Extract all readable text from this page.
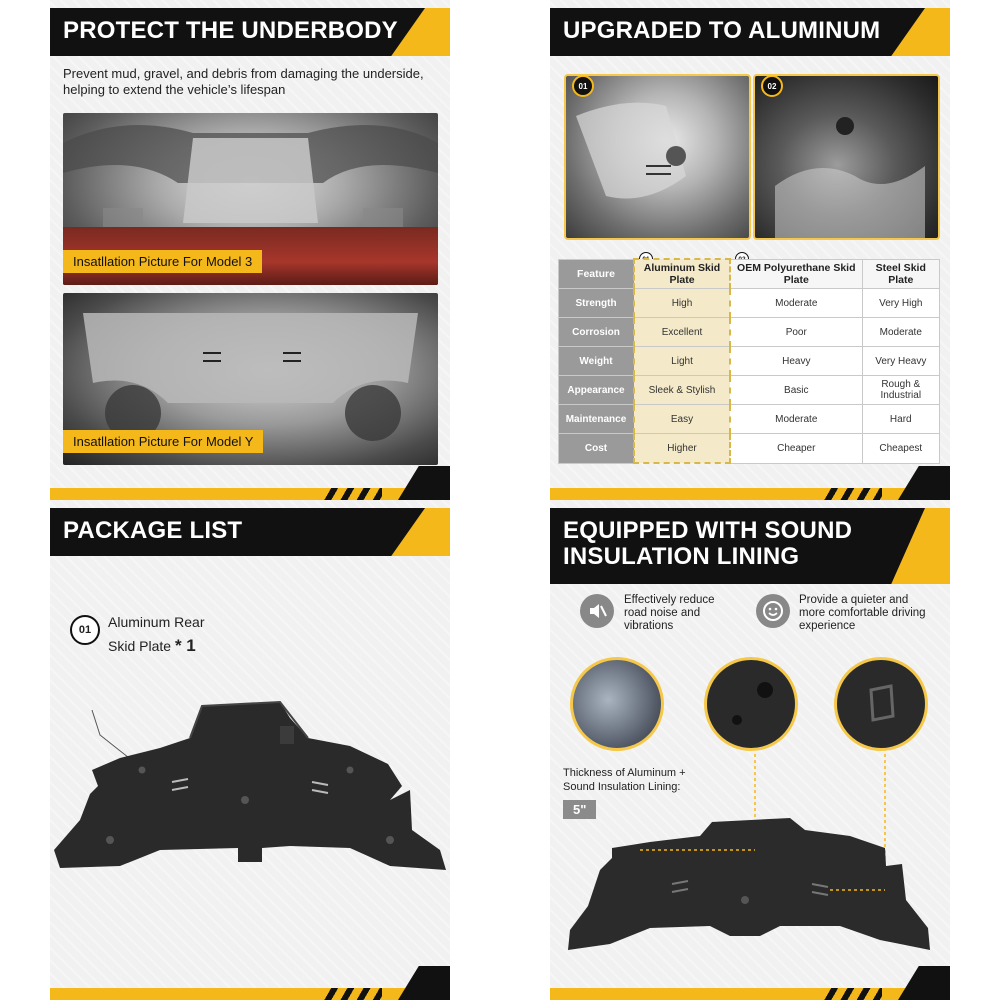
PROTECT THE UNDERBODY
Prevent mud, gravel, and debris from damaging the underside, helping to extend the vehicle’s lifespan
Insatllation Picture For Model 3
Insatllation Picture For Model Y
UPGRADED TO ALUMINUM
01	02
Feature	Aluminum Skid Plate	OEM Polyurethane Skid Plate	Steel Skid Plate
Strength	High	Moderate	Very High
Corrosion	Excellent	Poor	Moderate
Weight	Light	Heavy	Very Heavy
Appearance	Sleek & Stylish	Basic	Rough & Industrial
Maintenance	Easy	Moderate	Hard
Cost	Higher	Cheaper	Cheapest
PACKAGE LIST
01	Aluminum Rear
Skid Plate * 1
EQUIPPED WITH SOUND
INSULATION LINING
Effectively reduce road noise and vibrations
Provide a quieter and more comfortable driving experience
Thickness of Aluminum +
Sound Insulation Lining:
5"
